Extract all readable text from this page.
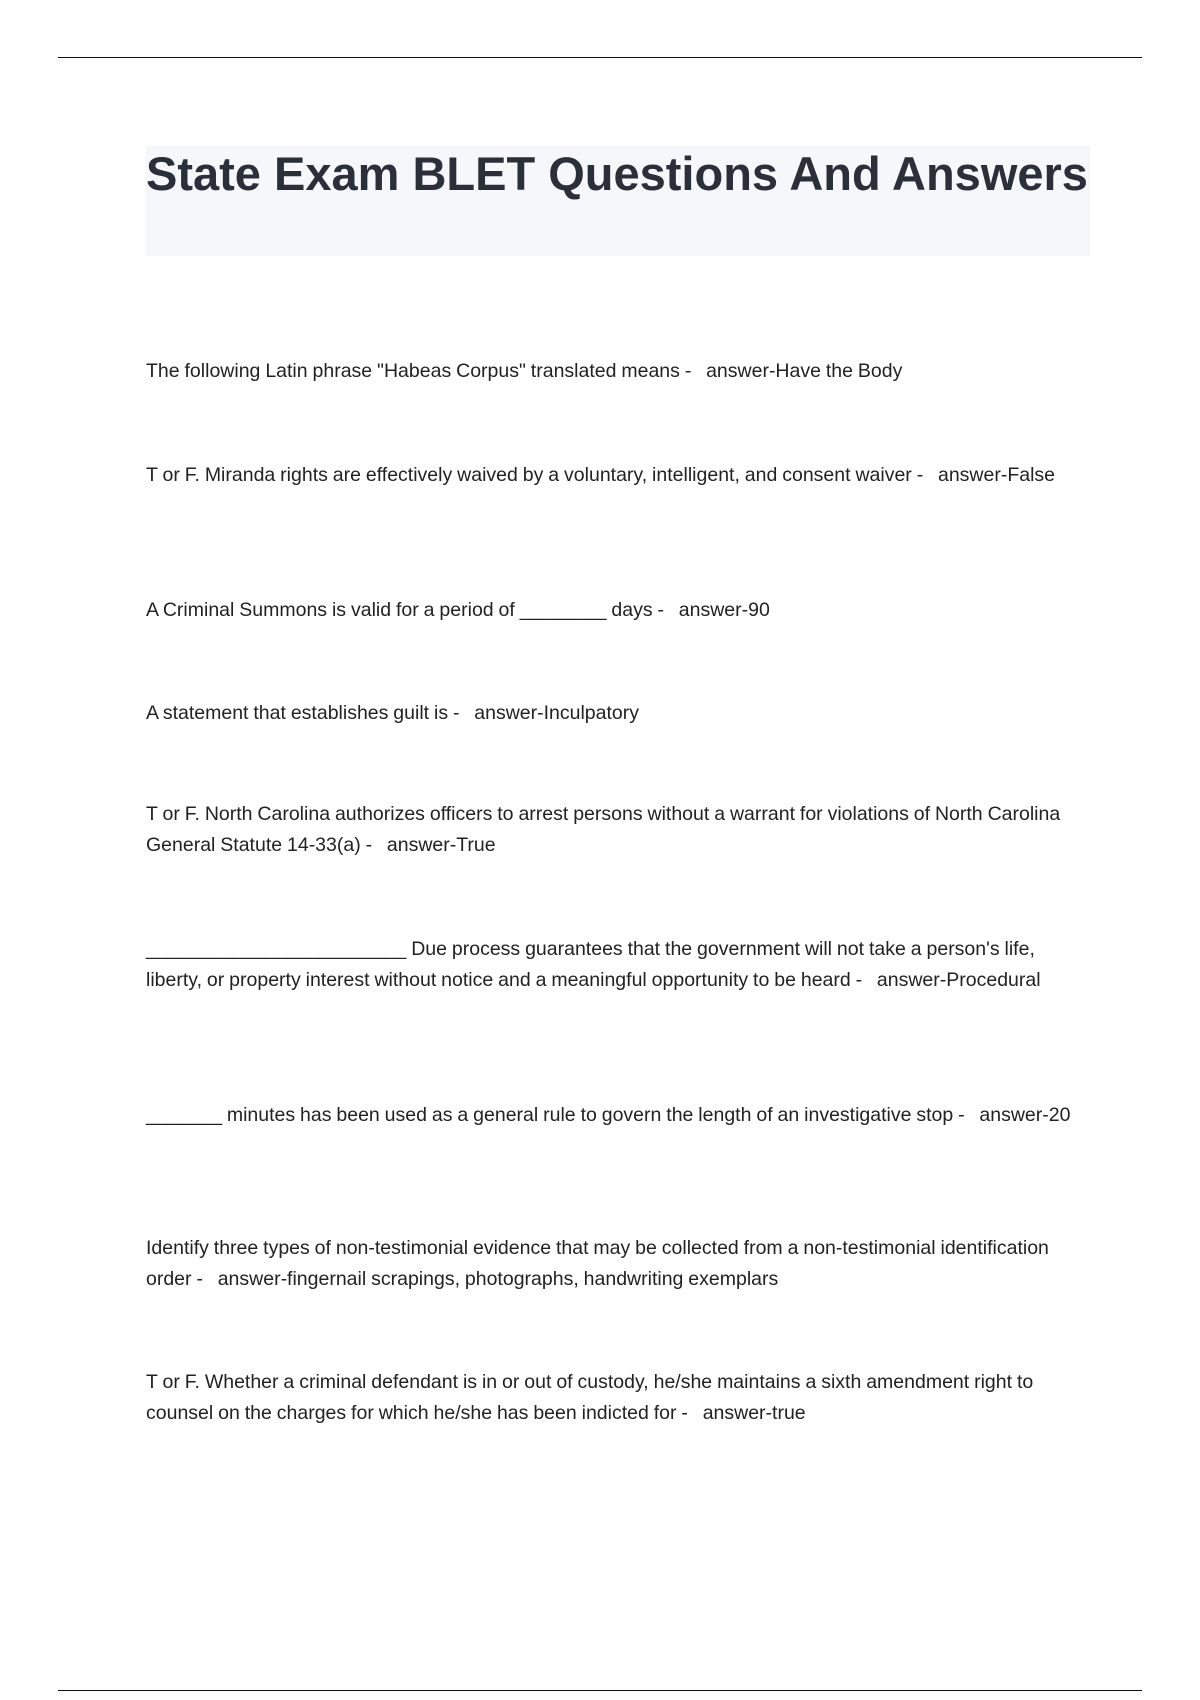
State Exam BLET Questions And Answers

The following Latin phrase "Habeas Corpus" translated means -   answer-Have the Body

T or F. Miranda rights are effectively waived by a voluntary, intelligent, and consent waiver -   answer-False

A Criminal Summons is valid for a period of ________ days -   answer-90

A statement that establishes guilt is -   answer-Inculpatory

T or F. North Carolina authorizes officers to arrest persons without a warrant for violations of North Carolina General Statute 14-33(a) -   answer-True

________________________ Due process guarantees that the government will not take a person's life, liberty, or property interest without notice and a meaningful opportunity to be heard -   answer-Procedural

_______ minutes has been used as a general rule to govern the length of an investigative stop -   answer-20

Identify three types of non-testimonial evidence that may be collected from a non-testimonial identification order -   answer-fingernail scrapings, photographs, handwriting exemplars

T or F. Whether a criminal defendant is in or out of custody, he/she maintains a sixth amendment right to counsel on the charges for which he/she has been indicted for -   answer-true
